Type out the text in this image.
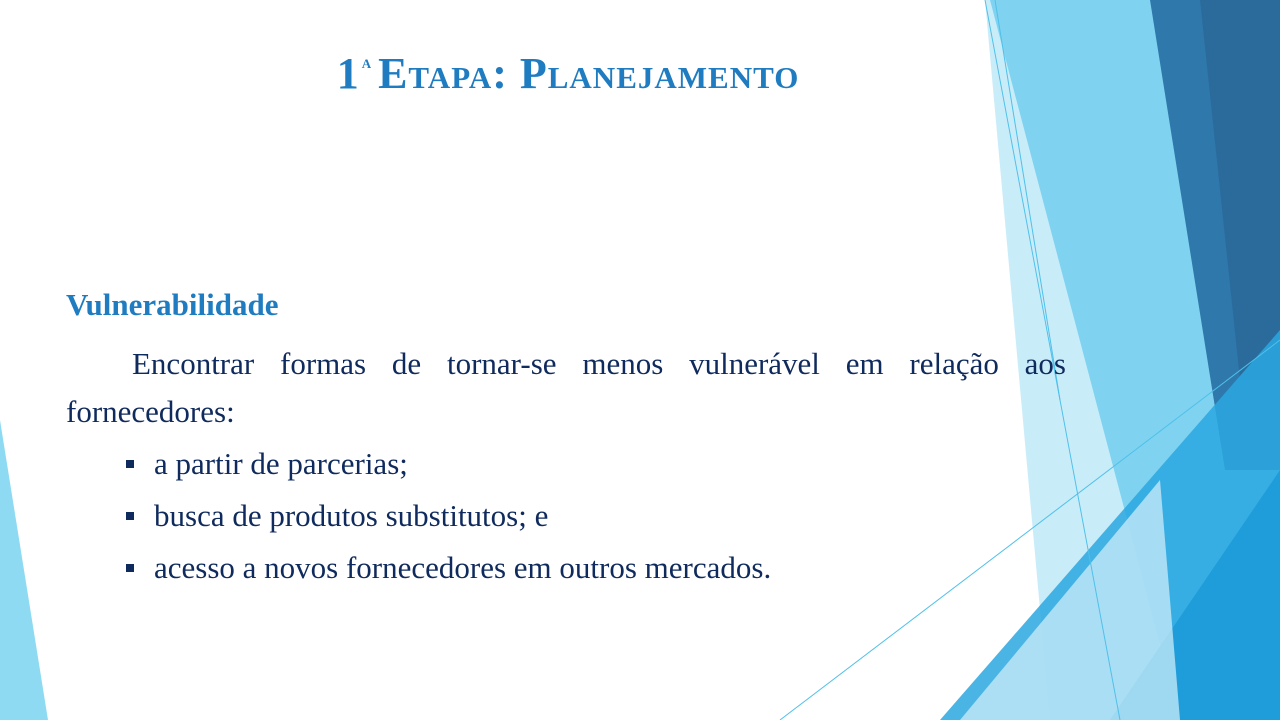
1 $^a$ Etapa: Planejamento

Vulnerabilidade

Encontrar formas de tornar-se menos vulnerável em relação aos fornecedores:

a partir de parcerias;
busca de produtos substitutos; e
acesso a novos fornecedores em outros mercados.
